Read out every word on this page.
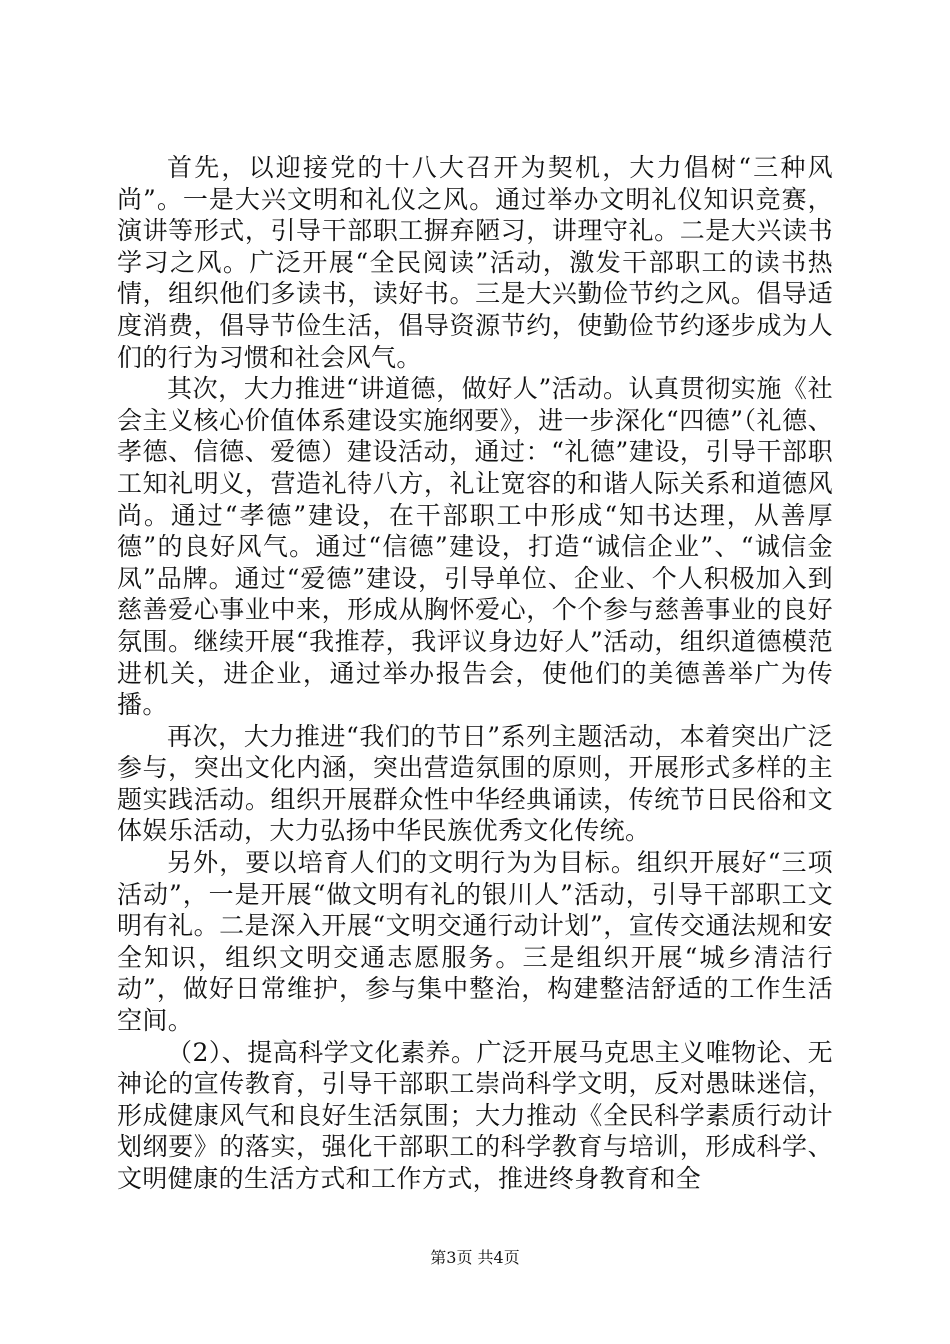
首先，以迎接党的十八大召开为契机，大力倡树“三种风尚”。一是大兴文明和礼仪之风。通过举办文明礼仪知识竞赛，演讲等形式，引导干部职工摒弃陋习，讲理守礼。二是大兴读书学习之风。广泛开展“全民阅读”活动，激发干部职工的读书热情，组织他们多读书，读好书。三是大兴勤俭节约之风。倡导适度消费，倡导节俭生活，倡导资源节约，使勤俭节约逐步成为人们的行为习惯和社会风气。

其次，大力推进“讲道德，做好人”活动。认真贯彻实施《社会主义核心价值体系建设实施纲要》，进一步深化“四德”（礼德、孝德、信德、爱德）建设活动，通过：“礼德”建设，引导干部职工知礼明义，营造礼待八方，礼让宽容的和谐人际关系和道德风尚。通过“孝德”建设，在干部职工中形成“知书达理，从善厚德”的良好风气。通过“信德”建设，打造“诚信企业”、“诚信金凤”品牌。通过“爱德”建设，引导单位、企业、个人积极加入到慈善爱心事业中来，形成从胸怀爱心，个个参与慈善事业的良好氛围。继续开展“我推荐，我评议身边好人”活动，组织道德模范进机关，进企业，通过举办报告会，使他们的美德善举广为传播。

再次，大力推进“我们的节日”系列主题活动，本着突出广泛参与，突出文化内涵，突出营造氛围的原则，开展形式多样的主题实践活动。组织开展群众性中华经典诵读，传统节日民俗和文体娱乐活动，大力弘扬中华民族优秀文化传统。

另外，要以培育人们的文明行为为目标。组织开展好“三项活动”，一是开展“做文明有礼的银川人”活动，引导干部职工文明有礼。二是深入开展“文明交通行动计划”，宣传交通法规和安全知识，组织文明交通志愿服务。三是组织开展“城乡清洁行动”，做好日常维护，参与集中整治，构建整洁舒适的工作生活空间。

（2）、提高科学文化素养。广泛开展马克思主义唯物论、无神论的宣传教育，引导干部职工崇尚科学文明，反对愚昧迷信，形成健康风气和良好生活氛围；大力推动《全民科学素质行动计划纲要》的落实，强化干部职工的科学教育与培训，形成科学、文明健康的生活方式和工作方式，推进终身教育和全

第3页 共4页
